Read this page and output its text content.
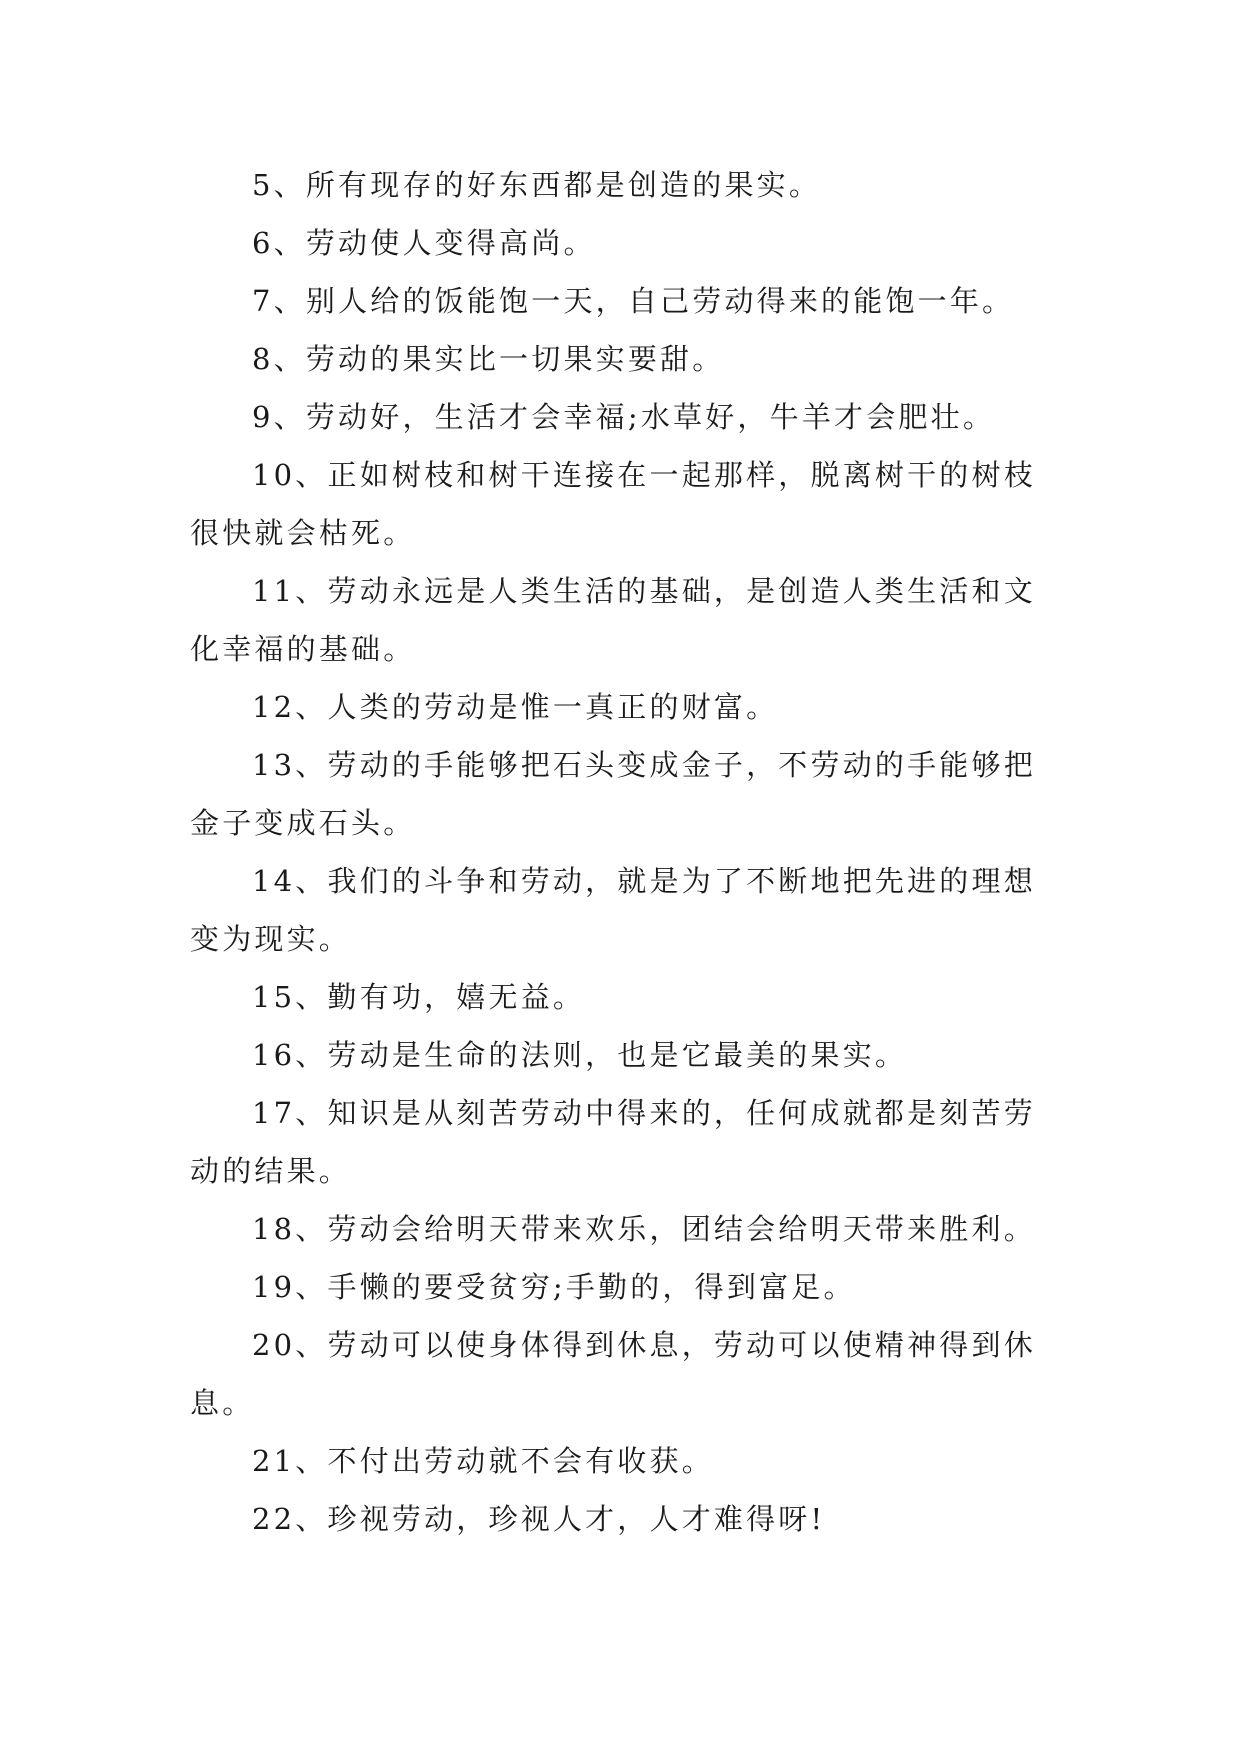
5、所有现存的好东西都是创造的果实。

6、劳动使人变得高尚。

7、别人给的饭能饱一天，自己劳动得来的能饱一年。

8、劳动的果实比一切果实要甜。

9、劳动好，生活才会幸福;水草好，牛羊才会肥壮。

10、正如树枝和树干连接在一起那样，脱离树干的树枝很快就会枯死。

11、劳动永远是人类生活的基础，是创造人类生活和文化幸福的基础。

12、人类的劳动是惟一真正的财富。

13、劳动的手能够把石头变成金子，不劳动的手能够把金子变成石头。

14、我们的斗争和劳动，就是为了不断地把先进的理想变为现实。

15、勤有功，嬉无益。

16、劳动是生命的法则，也是它最美的果实。

17、知识是从刻苦劳动中得来的，任何成就都是刻苦劳动的结果。

18、劳动会给明天带来欢乐，团结会给明天带来胜利。

19、手懒的要受贫穷;手勤的，得到富足。

20、劳动可以使身体得到休息，劳动可以使精神得到休息。

21、不付出劳动就不会有收获。

22、珍视劳动，珍视人才，人才难得呀!
